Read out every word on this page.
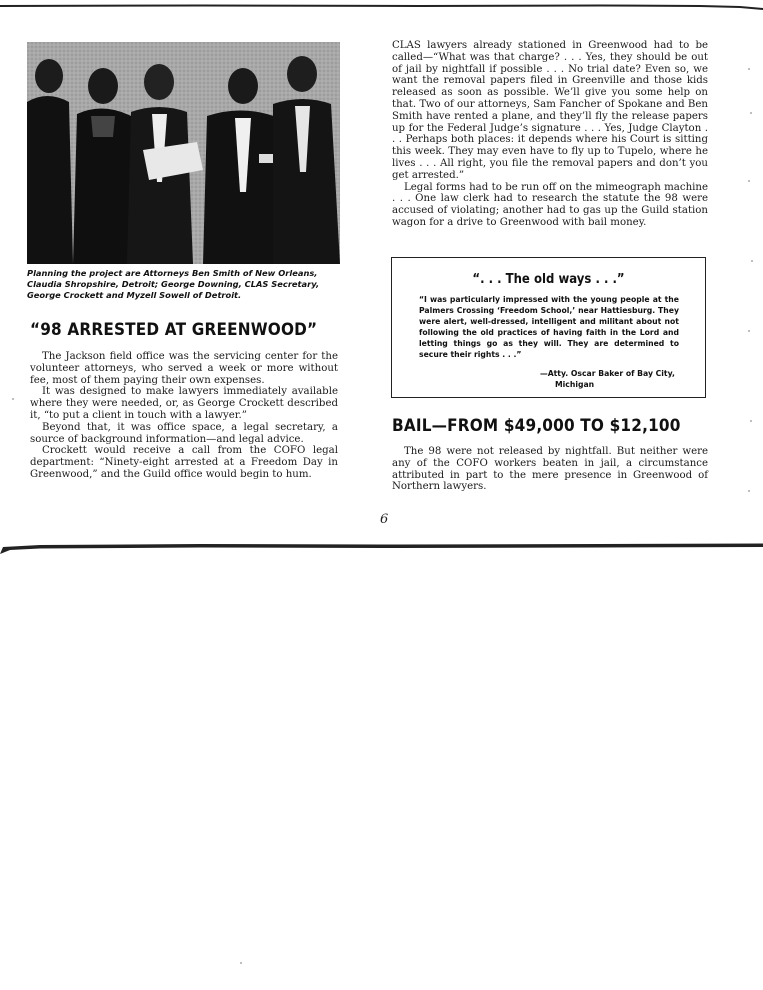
Planning the project are Attorneys Ben Smith of New Orleans, Claudia Shropshire, Detroit; George Downing, CLAS Secretary, George Crockett and Myzell Sowell of Detroit.
“98 ARRESTED AT GREENWOOD”

The Jackson field office was the servicing center for the volunteer attorneys, who served a week or more without fee, most of them paying their own expenses.

It was designed to make lawyers immediately available where they were needed, or, as George Crockett described it, “to put a client in touch with a lawyer.”

Beyond that, it was office space, a legal secretary, a source of background information—and legal advice.

Crockett would receive a call from the COFO legal department: “Ninety-eight arrested at a Freedom Day in Greenwood,” and the Guild office would begin to hum.

CLAS lawyers already stationed in Greenwood had to be called—“What was that charge? . . . Yes, they should be out of jail by nightfall if possible . . . No trial date? Even so, we want the removal papers filed in Greenville and those kids released as soon as possible. We’ll give you some help on that. Two of our attorneys, Sam Fancher of Spokane and Ben Smith have rented a plane, and they’ll fly the release papers up for the Federal Judge’s signature . . . Yes, Judge Clayton . . . Perhaps both places: it depends where his Court is sitting this week. They may even have to fly up to Tupelo, where he lives . . . All right, you file the removal papers and don’t you get arrested.”

Legal forms had to be run off on the mimeograph machine . . . One law clerk had to research the statute the 98 were accused of violating; another had to gas up the Guild station wagon for a drive to Greenwood with bail money.

“. . . The old ways . . .”
“I was particularly impressed with the young people at the Palmers Crossing ‘Freedom School,’ near Hattiesburg. They were alert, well-dressed, intelligent and militant about not following the old practices of having faith in the Lord and letting things go as they will. They are determined to secure their rights . . .”
—Atty. Oscar Baker of Bay City,
Michigan
BAIL—FROM $49,000 TO $12,100

The 98 were not released by nightfall. But neither were any of the COFO workers beaten in jail, a circumstance attributed in part to the mere presence in Greenwood of Northern lawyers.

6
